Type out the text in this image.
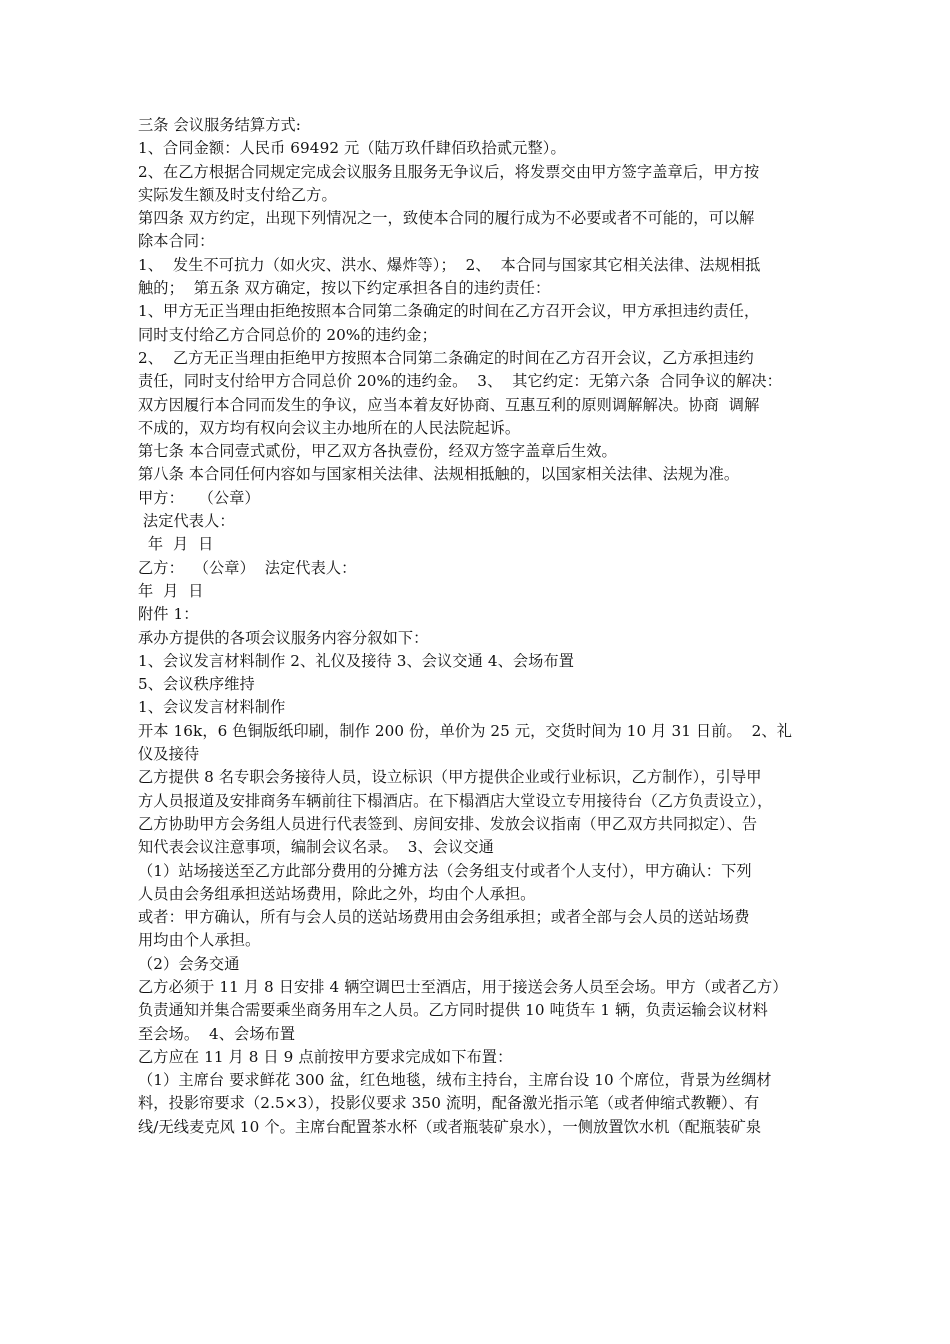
三条 会议服务结算方式:
1、合同金额：人民币 69492 元（陆万玖仟肆佰玖拾贰元整）。
2、在乙方根据合同规定完成会议服务且服务无争议后，将发票交由甲方签字盖章后，甲方按
实际发生额及时支付给乙方。
第四条 双方约定，出现下列情况之一，致使本合同的履行成为不必要或者不可能的，可以解
除本合同：
1、  发生不可抗力（如火灾、洪水、爆炸等）；  2、  本合同与国家其它相关法律、法规相抵
触的；  第五条 双方确定，按以下约定承担各自的违约责任：
1、甲方无正当理由拒绝按照本合同第二条确定的时间在乙方召开会议，甲方承担违约责任，
同时支付给乙方合同总价的 20%的违约金；
2、  乙方无正当理由拒绝甲方按照本合同第二条确定的时间在乙方召开会议，乙方承担违约
责任，同时支付给甲方合同总价 20%的违约金。  3、  其它约定：无第六条  合同争议的解决：
双方因履行本合同而发生的争议，应当本着友好协商、互惠互利的原则调解解决。协商  调解
不成的，双方均有权向会议主办地所在的人民法院起诉。
第七条 本合同壹式贰份，甲乙双方各执壹份，经双方签字盖章后生效。
第八条 本合同任何内容如与国家相关法律、法规相抵触的，以国家相关法律、法规为准。
甲方：   （公章）
法定代表人：
年  月  日
乙方：  （公章）  法定代表人：
年  月  日
附件 1：
承办方提供的各项会议服务内容分叙如下：
1、会议发言材料制作 2、礼仪及接待 3、会议交通 4、会场布置
5、会议秩序维持
1、会议发言材料制作
开本 16k，6 色铜版纸印刷，制作 200 份，单价为 25 元，交货时间为 10 月 31 日前。  2、礼
仪及接待
乙方提供 8 名专职会务接待人员，设立标识（甲方提供企业或行业标识，乙方制作），引导甲
方人员报道及安排商务车辆前往下榻酒店。在下榻酒店大堂设立专用接待台（乙方负责设立），
乙方协助甲方会务组人员进行代表签到、房间安排、发放会议指南（甲乙双方共同拟定）、告
知代表会议注意事项，编制会议名录。  3、会议交通
（1）站场接送至乙方此部分费用的分摊方法（会务组支付或者个人支付），甲方确认：下列
人员由会务组承担送站场费用，除此之外，均由个人承担。
或者：甲方确认，所有与会人员的送站场费用由会务组承担；或者全部与会人员的送站场费
用均由个人承担。
（2）会务交通
乙方必须于 11 月 8 日安排 4 辆空调巴士至酒店，用于接送会务人员至会场。甲方（或者乙方）
负责通知并集合需要乘坐商务用车之人员。乙方同时提供 10 吨货车 1 辆，负责运输会议材料
至会场。  4、会场布置
乙方应在 11 月 8 日 9 点前按甲方要求完成如下布置：
（1）主席台 要求鲜花 300 盆，红色地毯，绒布主持台，主席台设 10 个席位，背景为丝绸材
料，投影帘要求（2.5×3），投影仪要求 350 流明，配备激光指示笔（或者伸缩式教鞭）、有
线/无线麦克风 10 个。主席台配置茶水杯（或者瓶装矿泉水），一侧放置饮水机（配瓶装矿泉
